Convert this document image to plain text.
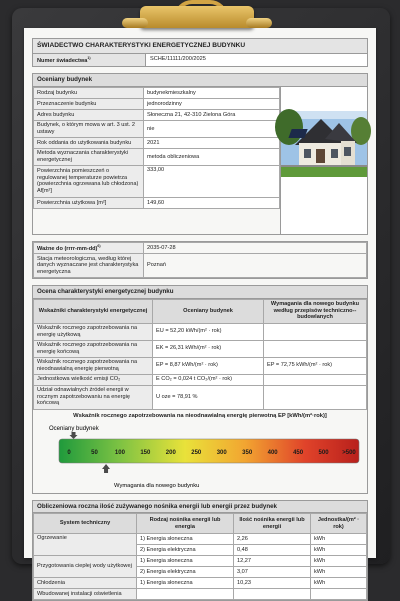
ŚWIADECTWO CHARAKTERYSTYKI ENERGETYCZNEJ BUDYNKU
Numer świadectwa$^{1)}$	SCHE/11111/200/2025
Oceniany budynek
Rodzaj budynku	budynekmieszkalny
Przeznaczenie budynku	jednorodzinny
Adres budynku	Słoneczna 21, 42-310 Zielona Góra
Budynek, o którym mowa w art. 3 ust. 2 ustawy	nie
Rok oddania do użytkowania budynku	2021
Metoda wyznaczania charakterystyki energetycznej	metoda obliczeniowa
Powierzchnia pomieszczeń o regulowanej temperaturze powietrza (powierzchnia ogrzewana lub chłodzona) Af[m²]	333,00
Powierzchnia użytkowa [m²]	149,60
Ważne do (rrrr-mm-dd)$^{6)}$	2035-07-28
Stacja meteorologiczna, według której danych wyznaczane jest charakterystyka energetyczna	Poznań
Ocena charakterystyki energetycznej budynku
Wskaźniki charakterystyki energetycznej	Oceniany budynek	Wymagania dla nowego budynku według przepisów techniczno--budowlanych
Wskaźnik rocznego zapotrzebowania na energię użytkową	EU = 52,20 kWh/(m² · rok)	
Wskaźnik rocznego zapotrzebowania na energię końcową	EK = 26,31 kWh/(m² · rok)	
Wskaźnik rocznego zapotrzebowania na nieodnawialną energię pierwotną	EP = 8,87 kWh/(m² · rok)	EP = 72,75 kWh/(m² · rok)
Jednostkowa wielkość emisji CO₂	E CO₂ = 0,024 t CO₂/(m² · rok)	
Udział odnawialnych źródeł energii w rocznym zapotrzebowaniu na energię końcową	U oze = 78,91 %	
Wskaźnik rocznego zapotrzebowania na nieodnawialną energię pierwotną EP [kWh/(m²·rok)]
Oceniany budynek
0	50	100	150	200	250	300	350	400	450	500 >500
Wymagania dla nowego budynku
Obliczeniowa roczna ilość zużywanego nośnika energii lub energii przez budynek
System techniczny	Rodzaj nośnika energii lub energia	Ilość nośnika energii lub energii	Jednostka/(m² · rok)
Ogrzewanie	1) Energia słoneczna	2,26	kWh
	2) Energia elektryczna	0,48	kWh
Przygotowania ciepłej wody użytkowej	1) Energia słoneczna	12,27	kWh
	2) Energia elektryczna	3,07	kWh
Chłodzenia	1) Energia słoneczna	10,23	kWh
Wbudowanej instalacji oświetlenia			
